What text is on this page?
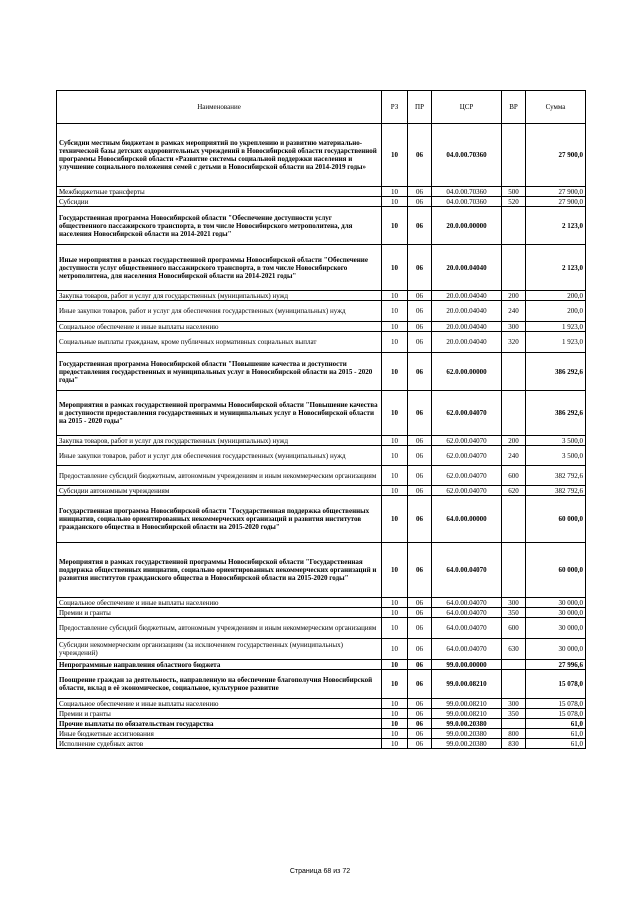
Наименование	РЗ	ПР	ЦСР	ВР	Сумма
Субсидии местным бюджетам в рамках мероприятий по укреплению и развитию материально-технической базы детских оздоровительных учреждений в Новосибирской области государственной программы Новосибирской области «Развитие системы социальной поддержки населения и улучшение социального положения семей с детьми в Новосибирской области на 2014-2019 годы»	10	06	04.0.00.70360		27 900,0
Межбюджетные трансферты	10	06	04.0.00.70360	500	27 900,0
Субсидии	10	06	04.0.00.70360	520	27 900,0
Государственная программа Новосибирской области "Обеспечение доступности услуг общественного пассажирского транспорта, в том числе Новосибирского метрополитена, для населения Новосибирской области на 2014-2021 годы"	10	06	20.0.00.00000		2 123,0
Иные мероприятия в рамках государственной программы Новосибирской области "Обеспечение доступности услуг общественного пассажирского транспорта, в том числе Новосибирского метрополитена, для населения Новосибирской области на 2014-2021 годы"	10	06	20.0.00.04040		2 123,0
Закупка товаров, работ и услуг для государственных (муниципальных) нужд	10	06	20.0.00.04040	200	200,0
Иные закупки товаров, работ и услуг для обеспечения государственных (муниципальных) нужд	10	06	20.0.00.04040	240	200,0
Социальное обеспечение и иные выплаты населению	10	06	20.0.00.04040	300	1 923,0
Социальные выплаты гражданам, кроме публичных нормативных социальных выплат	10	06	20.0.00.04040	320	1 923,0
Государственная программа Новосибирской области "Повышение качества и доступности предоставления государственных и муниципальных услуг в Новосибирской области на 2015 - 2020 годы"	10	06	62.0.00.00000		386 292,6
Мероприятия в рамках государственной программы Новосибирской области "Повышение качества и доступности предоставления государственных и муниципальных услуг в Новосибирской области на 2015 - 2020 годы"	10	06	62.0.00.04070		386 292,6
Закупка товаров, работ и услуг для государственных (муниципальных) нужд	10	06	62.0.00.04070	200	3 500,0
Иные закупки товаров, работ и услуг для обеспечения государственных (муниципальных) нужд	10	06	62.0.00.04070	240	3 500,0
Предоставление субсидий бюджетным, автономным учреждениям и иным некоммерческим организациям	10	06	62.0.00.04070	600	382 792,6
Субсидии автономным учреждениям	10	06	62.0.00.04070	620	382 792,6
Государственная программа Новосибирской области "Государственная поддержка общественных инициатив, социально ориентированных некоммерческих организаций и развития институтов гражданского общества в Новосибирской области на 2015-2020 годы"	10	06	64.0.00.00000		60 000,0
Мероприятия в рамках государственной программы Новосибирской области "Государственная поддержка общественных инициатив, социально ориентированных некоммерческих организаций и развития институтов гражданского общества в Новосибирской области на 2015-2020 годы"	10	06	64.0.00.04070		60 000,0
Социальное обеспечение и иные выплаты населению	10	06	64.0.00.04070	300	30 000,0
Премии и гранты	10	06	64.0.00.04070	350	30 000,0
Предоставление субсидий бюджетным, автономным учреждениям и иным некоммерческим организациям	10	06	64.0.00.04070	600	30 000,0
Субсидии некоммерческим организациям (за исключением государственных (муниципальных) учреждений)	10	06	64.0.00.04070	630	30 000,0
Непрограммные направления областного бюджета	10	06	99.0.00.00000		27 996,6
Поощрение граждан за деятельность, направленную на обеспечение благополучия Новосибирской области, вклад в её экономическое, социальное, культурное развитие	10	06	99.0.00.08210		15 078,0
Социальное обеспечение и иные выплаты населению	10	06	99.0.00.08210	300	15 078,0
Премии и гранты	10	06	99.0.00.08210	350	15 078,0
Прочие выплаты по обязательствам государства	10	06	99.0.00.20380		61,0
Иные бюджетные ассигнования	10	06	99.0.00.20380	800	61,0
Исполнение судебных актов	10	06	99.0.00.20380	830	61,0
Страница 68 из 72
